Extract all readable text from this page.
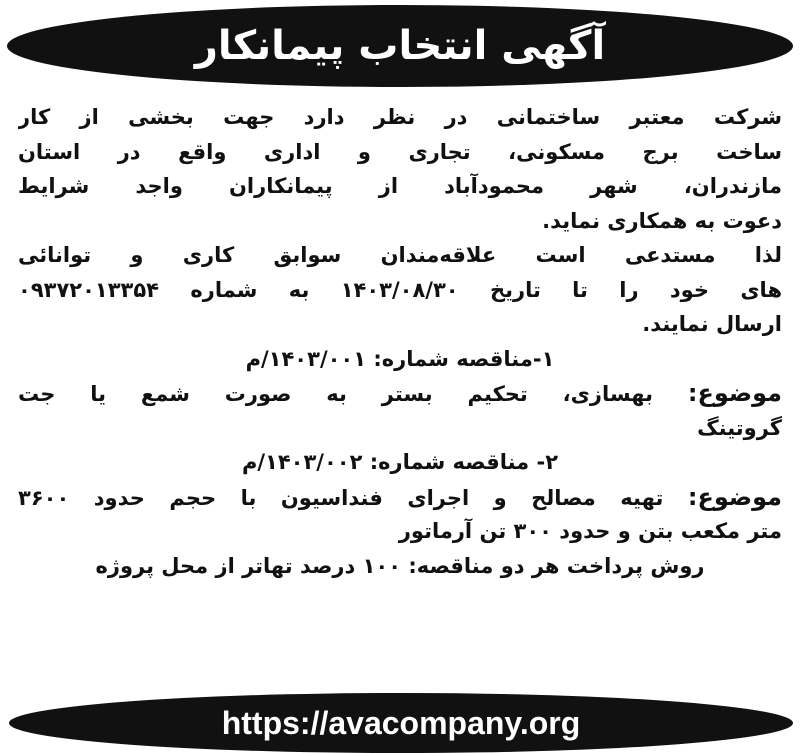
آگهی انتخاب پیمانکار
شرکت معتبر ساختمانی در نظر دارد جهت بخشی از کار
ساخت برج مسکونی، تجاری و اداری واقع در استان
مازندران، شهر محمودآباد از پیمانکاران واجد شرایط
دعوت به همکاری نماید.
لذا مستدعی است علاقه‌مندان سوابق کاری و توانائی
های خود را تا تاریخ ۱۴۰۳/۰۸/۳۰ به شماره ۰۹۳۷۲۰۱۳۳۵۴
ارسال نمایند.
۱-مناقصه شماره: ۱۴۰۳/۰۰۱/م
موضوع: بهسازی، تحکیم بستر به صورت شمع یا جت
گروتینگ
۲- مناقصه شماره: ۱۴۰۳/۰۰۲/م
موضوع: تهیه مصالح و اجرای فنداسیون با حجم حدود ۳۶۰۰
متر مکعب بتن و حدود ۳۰۰ تن آرماتور
روش پرداخت هر دو مناقصه: ۱۰۰ درصد تهاتر از محل پروژه
https://avacompany.org
